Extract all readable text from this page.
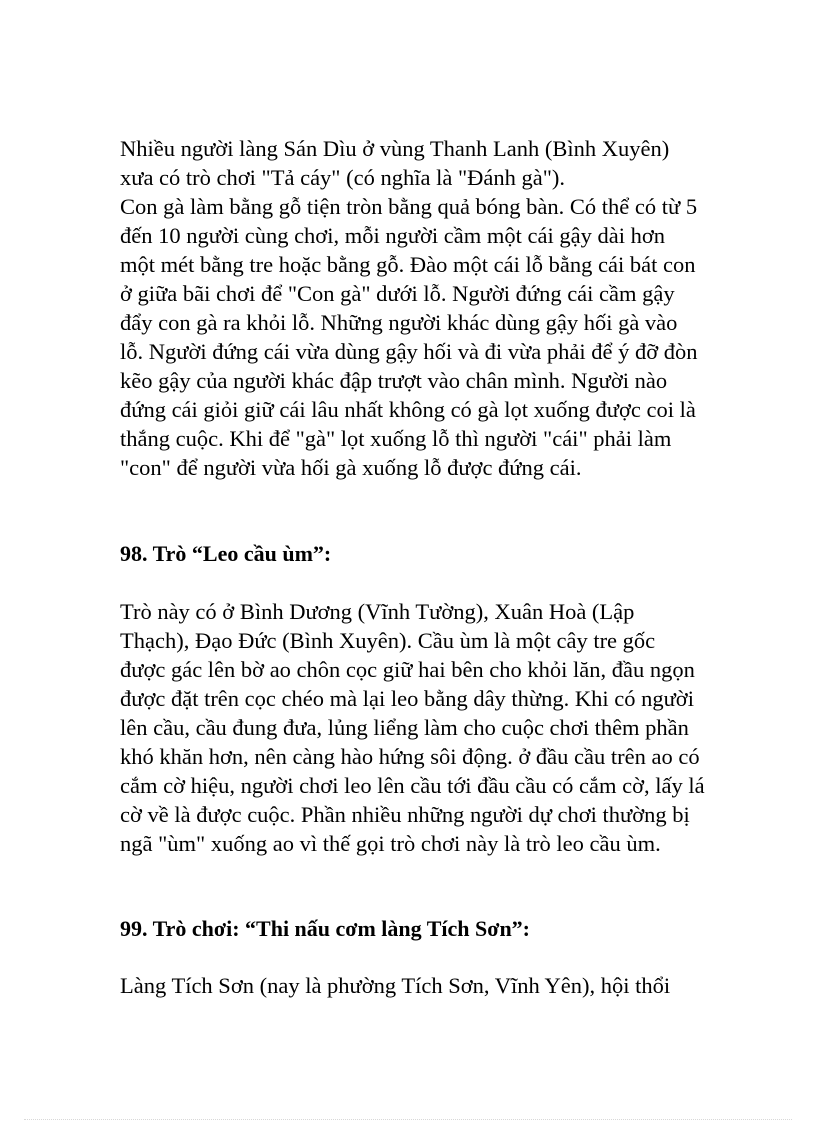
Nhiều người làng Sán Dìu ở vùng Thanh Lanh (Bình Xuyên)
xưa có trò chơi "Tả cáy" (có nghĩa là "Đánh gà").
Con gà làm bằng gỗ tiện tròn bằng quả bóng bàn. Có thể có từ 5
đến 10 người cùng chơi, mỗi người cầm một cái gậy dài hơn
một mét bằng tre hoặc bằng gỗ. Đào một cái lỗ bằng cái bát con
ở giữa bãi chơi để "Con gà" dưới lỗ. Người đứng cái cầm gậy
đẩy con gà ra khỏi lỗ. Những người khác dùng gậy hối gà vào
lỗ. Người đứng cái vừa dùng gậy hối và đi vừa phải để ý đỡ đòn
kẽo gậy của người khác đập trượt vào chân mình. Người nào
đứng cái giỏi giữ cái lâu nhất không có gà lọt xuống được coi là
thắng cuộc. Khi để "gà" lọt xuống lỗ thì người "cái" phải làm
"con" để người vừa hối gà xuống lỗ được đứng cái.
98. Trò “Leo cầu ùm”:
Trò này có ở Bình Dương (Vĩnh Tường), Xuân Hoà (Lập
Thạch), Đạo Đức (Bình Xuyên). Cầu ùm là một cây tre gốc
được gác lên bờ ao chôn cọc giữ hai bên cho khỏi lăn, đầu ngọn
được đặt trên cọc chéo mà lại leo bằng dây thừng. Khi có người
lên cầu, cầu đung đưa, lủng liểng làm cho cuộc chơi thêm phần
khó khăn hơn, nên càng hào hứng sôi động. ở đầu cầu trên ao có
cắm cờ hiệu, người chơi leo lên cầu tới đầu cầu có cắm cờ, lấy lá
cờ về là được cuộc. Phần nhiều những người dự chơi thường bị
ngã "ùm" xuống ao vì thế gọi trò chơi này là trò leo cầu ùm.
99. Trò chơi: “Thi nấu cơm làng Tích Sơn”:
Làng Tích Sơn (nay là phường Tích Sơn, Vĩnh Yên), hội thổi
